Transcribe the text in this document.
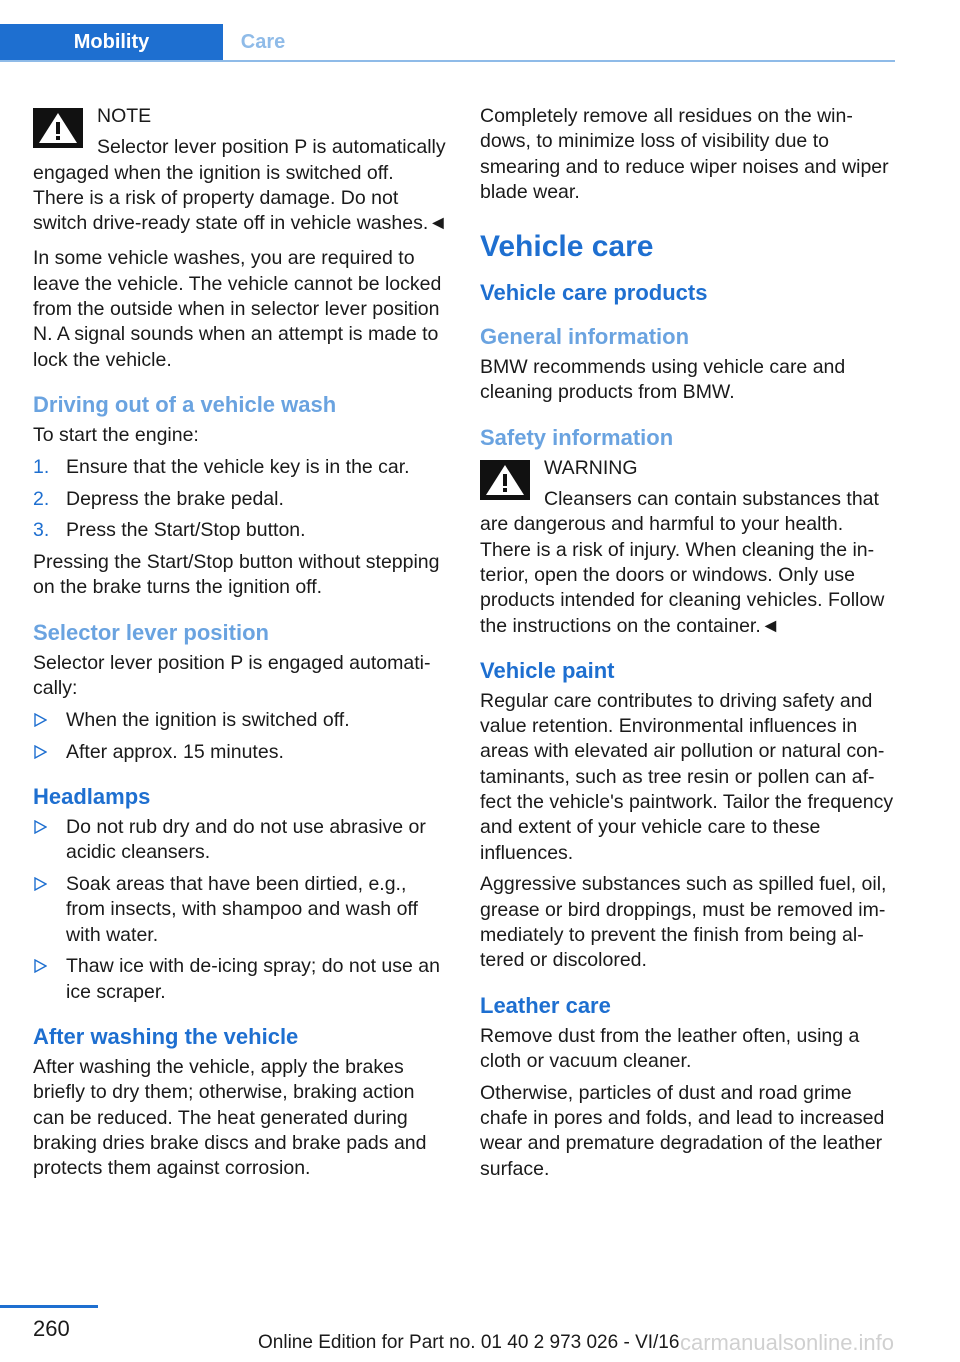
Mobility	Care
NOTE
Selector lever position P is automatically engaged when the ignition is switched off. There is a risk of property damage. Do not switch drive-ready state off in vehicle washes.◄

In some vehicle washes, you are required to leave the vehicle. The vehicle cannot be locked from the outside when in selector lever position N. A signal sounds when an attempt is made to lock the vehicle.

Driving out of a vehicle wash

To start the engine:

1. Ensure that the vehicle key is in the car.
2. Depress the brake pedal.
3. Press the Start/Stop button.

Pressing the Start/Stop button without stepping on the brake turns the ignition off.

Selector lever position

Selector lever position P is engaged automatically:

When the ignition is switched off.
After approx. 15 minutes.
Headlamps
Do not rub dry and do not use abrasive or acidic cleansers.
Soak areas that have been dirtied, e.g., from insects, with shampoo and wash off with water.
Thaw ice with de-icing spray; do not use an ice scraper.
After washing the vehicle

After washing the vehicle, apply the brakes briefly to dry them; otherwise, braking action can be reduced. The heat generated during braking dries brake discs and brake pads and protects them against corrosion.

Completely remove all residues on the windows, to minimize loss of visibility due to smearing and to reduce wiper noises and wiper blade wear.

Vehicle care
Vehicle care products
General information

BMW recommends using vehicle care and cleaning products from BMW.

Safety information
WARNING
Cleansers can contain substances that are dangerous and harmful to your health. There is a risk of injury. When cleaning the interior, open the doors or windows. Only use products intended for cleaning vehicles. Follow the instructions on the container.◄
Vehicle paint

Regular care contributes to driving safety and value retention. Environmental influences in areas with elevated air pollution or natural contaminants, such as tree resin or pollen can affect the vehicle's paintwork. Tailor the frequency and extent of your vehicle care to these influences.

Aggressive substances such as spilled fuel, oil, grease or bird droppings, must be removed immediately to prevent the finish from being altered or discolored.

Leather care

Remove dust from the leather often, using a cloth or vacuum cleaner.

Otherwise, particles of dust and road grime chafe in pores and folds, and lead to increased wear and premature degradation of the leather surface.

260
Online Edition for Part no. 01 40 2 973 026 - VI/16 carmanualsonline.info
